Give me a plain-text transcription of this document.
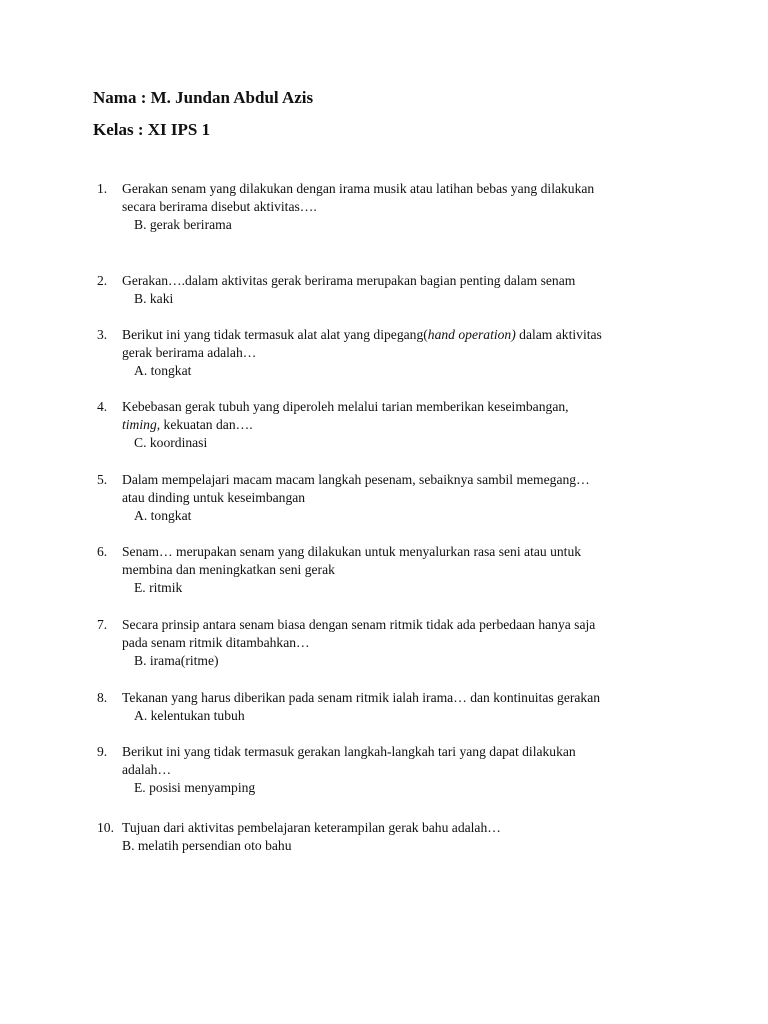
Nama : M. Jundan Abdul Azis
Kelas : XI IPS 1
1. Gerakan senam yang dilakukan dengan irama musik atau latihan bebas yang dilakukan
secara berirama disebut aktivitas….
B. gerak berirama
2. Gerakan….dalam aktivitas gerak berirama merupakan bagian penting dalam senam
B. kaki
3. Berikut ini yang tidak termasuk alat alat yang dipegang(hand operation) dalam aktivitas
gerak berirama adalah…
A. tongkat
4. Kebebasan gerak tubuh yang diperoleh melalui tarian memberikan keseimbangan,
timing, kekuatan dan….
C. koordinasi
5. Dalam mempelajari macam macam langkah pesenam, sebaiknya sambil memegang…
atau dinding untuk keseimbangan
A. tongkat
6. Senam… merupakan senam yang dilakukan untuk menyalurkan rasa seni atau untuk
membina dan meningkatkan seni gerak
E. ritmik
7. Secara prinsip antara senam biasa dengan senam ritmik tidak ada perbedaan hanya saja
pada senam ritmik ditambahkan…
B. irama(ritme)
8. Tekanan yang harus diberikan pada senam ritmik ialah irama… dan kontinuitas gerakan
A. kelentukan tubuh
9. Berikut ini yang tidak termasuk gerakan langkah-langkah tari yang dapat dilakukan
adalah…
E. posisi menyamping
10. Tujuan dari aktivitas pembelajaran keterampilan gerak bahu adalah…
B. melatih persendian oto bahu
